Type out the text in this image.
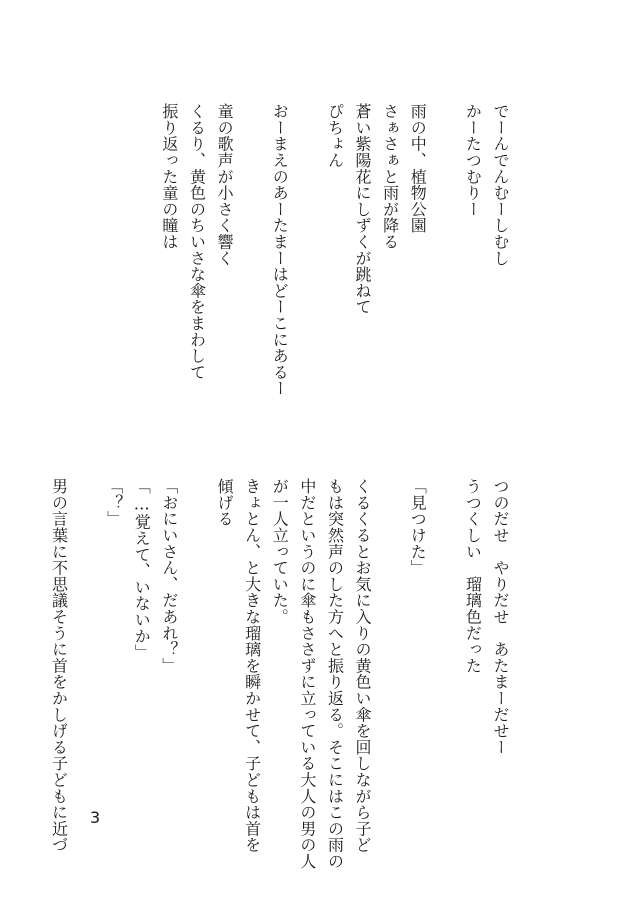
でーんでんむーしむし
かーたつむりー
雨の中、植物公園
さぁさぁと雨が降る
蒼い紫陽花にしずくが跳ねて
ぴちょん
おーまえのあーたまーはどーこにあるー
童の歌声が小さく響く
くるり、黄色のちいさな傘をまわして
振り返った童の瞳は
つのだせ　やりだせ　あたまーだせー
うつくしい　瑠璃色だった
「見つけた」
くるくるとお気に入りの黄色い傘を回しながら子ど
もは突然声のした方へと振り返る。そこにはこの雨の
中だというのに傘もささずに立っている大人の男の人
が一人立っていた。
きょとん、と大きな瑠璃を瞬かせて、子どもは首を
傾げる
「おにいさん、だあれ？」
「…覚えて、いないか」
「？」
男の言葉に不思議そうに首をかしげる子どもに近づ 3
